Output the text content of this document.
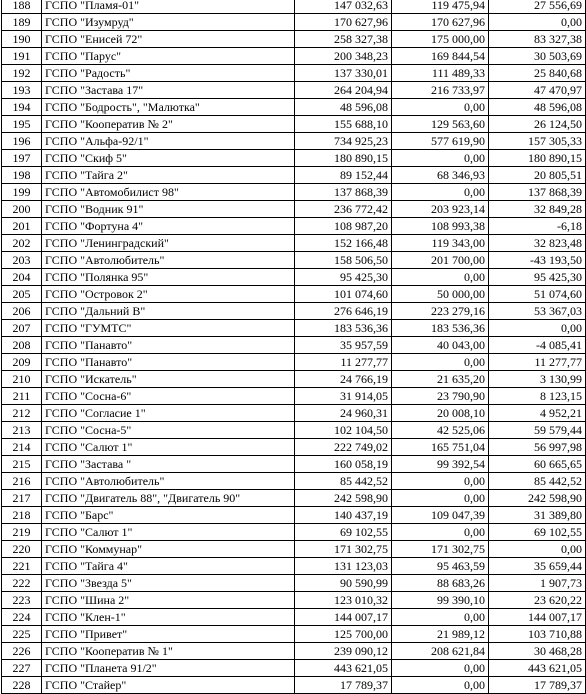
188	ГСПО "Пламя-01"	147 032,63	119 475,94	27 556,69
189	ГСПО "Изумруд"	170 627,96	170 627,96	0,00
190	ГСПО "Енисей 72"	258 327,38	175 000,00	83 327,38
191	ГСПО "Парус"	200 348,23	169 844,54	30 503,69
192	ГСПО "Радость"	137 330,01	111 489,33	25 840,68
193	ГСПО "Застава 17"	264 204,94	216 733,97	47 470,97
194	ГСПО "Бодрость", "Малютка"	48 596,08	0,00	48 596,08
195	ГСПО "Кооператив № 2"	155 688,10	129 563,60	26 124,50
196	ГСПО "Альфа-92/1"	734 925,23	577 619,90	157 305,33
197	ГСПО "Скиф 5"	180 890,15	0,00	180 890,15
198	ГСПО "Тайга 2"	89 152,44	68 346,93	20 805,51
199	ГСПО "Автомобилист 98"	137 868,39	0,00	137 868,39
200	ГСПО "Водник 91"	236 772,42	203 923,14	32 849,28
201	ГСПО "Фортуна 4"	108 987,20	108 993,38	-6,18
202	ГСПО "Ленинградский"	152 166,48	119 343,00	32 823,48
203	ГСПО "Автолюбитель"	158 506,50	201 700,00	-43 193,50
204	ГСПО "Полянка 95"	95 425,30	0,00	95 425,30
205	ГСПО "Островок 2"	101 074,60	50 000,00	51 074,60
206	ГСПО "Дальний В"	276 646,19	223 279,16	53 367,03
207	ГСПО "ГУМТС"	183 536,36	183 536,36	0,00
208	ГСПО "Панавто"	35 957,59	40 043,00	-4 085,41
209	ГСПО "Панавто"	11 277,77	0,00	11 277,77
210	ГСПО "Искатель"	24 766,19	21 635,20	3 130,99
211	ГСПО "Сосна-6"	31 914,05	23 790,90	8 123,15
212	ГСПО "Согласие 1"	24 960,31	20 008,10	4 952,21
213	ГСПО "Сосна-5"	102 104,50	42 525,06	59 579,44
214	ГСПО "Салют 1"	222 749,02	165 751,04	56 997,98
215	ГСПО "Застава "	160 058,19	99 392,54	60 665,65
216	ГСПО "Автолюбитель"	85 442,52	0,00	85 442,52
217	ГСПО "Двигатель 88", "Двигатель 90"	242 598,90	0,00	242 598,90
218	ГСПО "Барс"	140 437,19	109 047,39	31 389,80
219	ГСПО "Салют 1"	69 102,55	0,00	69 102,55
220	ГСПО "Коммунар"	171 302,75	171 302,75	0,00
221	ГСПО "Тайга 4"	131 123,03	95 463,59	35 659,44
222	ГСПО "Звезда 5"	90 590,99	88 683,26	1 907,73
223	ГСПО "Шина 2"	123 010,32	99 390,10	23 620,22
224	ГСПО "Клен-1"	144 007,17	0,00	144 007,17
225	ГСПО "Привет"	125 700,00	21 989,12	103 710,88
226	ГСПО "Кооператив № 1"	239 090,12	208 621,84	30 468,28
227	ГСПО "Планета 91/2"	443 621,05	0,00	443 621,05
228	ГСПО "Стайер"	17 789,37	0,00	17 789,37
